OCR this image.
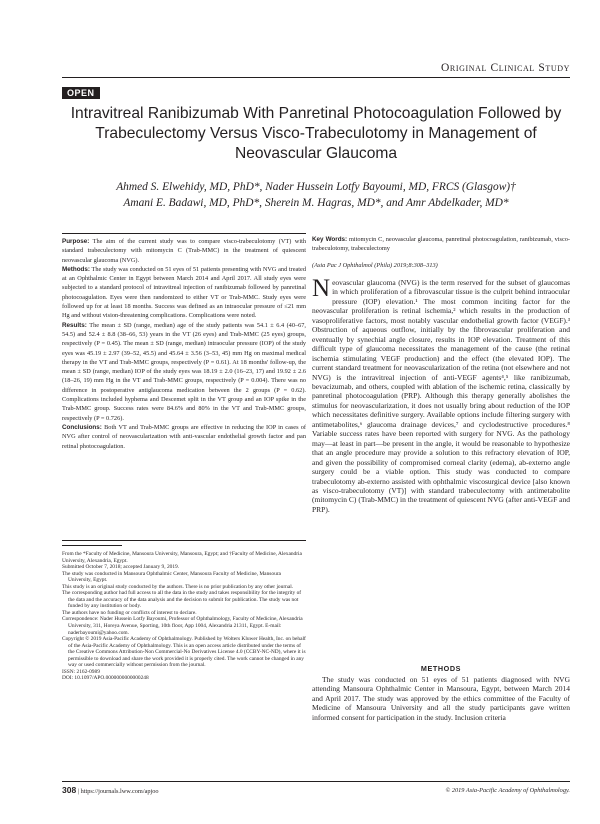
Original Clinical Study
OPEN
Intravitreal Ranibizumab With Panretinal Photocoagulation Followed by Trabeculectomy Versus Visco-Trabeculotomy in Management of Neovascular Glaucoma
Ahmed S. Elwehidy, MD, PhD*, Nader Hussein Lotfy Bayoumi, MD, FRCS (Glasgow)†
Amani E. Badawi, MD, PhD*, Sherein M. Hagras, MD*, and Amr Abdelkader, MD*

Purpose: The aim of the current study was to compare visco-trabeculotomy (VT) with standard trabeculectomy with mitomycin C (Trab-MMC) in the treatment of quiescent neovascular glaucoma (NVG).

Methods: The study was conducted on 51 eyes of 51 patients presenting with NVG and treated at an Ophthalmic Center in Egypt between March 2014 and April 2017. All study eyes were subjected to a standard protocol of intravitreal injection of ranibizumab followed by panretinal photocoagulation. Eyes were then randomized to either VT or Trab-MMC. Study eyes were followed up for at least 18 months. Success was defined as an intraocular pressure of ≤21 mm Hg and without vision-threatening complications. Complications were noted.

Results: The mean ± SD (range, median) age of the study patients was 54.1 ± 6.4 (40–67, 54.5) and 52.4 ± 8.8 (38–66, 53) years in the VT (26 eyes) and Trab-MMC (25 eyes) groups, respectively (P = 0.45). The mean ± SD (range, median) intraocular pressure (IOP) of the study eyes was 45.19 ± 2.97 (39–52, 45.5) and 45.64 ± 3.56 (3–53, 45) mm Hg on maximal medical therapy in the VT and Trab-MMC groups, respectively (P = 0.61). At 18 months' follow-up, the mean ± SD (range, median) IOP of the study eyes was 18.19 ± 2.0 (16–23, 17) and 19.92 ± 2.6 (18–26, 19) mm Hg in the VT and Trab-MMC groups, respectively (P = 0.004). There was no difference in postoperative antiglaucoma medication between the 2 groups (P = 0.62). Complications included hyphema and Descemet split in the VT group and an IOP spike in the Trab-MMC group. Success rates were 84.6% and 80% in the VT and Trab-MMC groups, respectively (P = 0.726).

Conclusions: Both VT and Trab-MMC groups are effective in reducing the IOP in cases of NVG after control of neovascularization with anti-vascular endothelial growth factor and pan retinal photocoagulation.

Key Words: mitomycin C, neovascular glaucoma, panretinal photocoagulation, ranibizumab, visco-trabeculotomy, trabeculectomy

(Asia Pac J Ophthalmol (Phila) 2019;8:308–313)

Neovascular glaucoma (NVG) is the term reserved for the subset of glaucomas in which proliferation of a fibrovascular tissue is the culprit behind intraocular pressure (IOP) elevation.¹ The most common inciting factor for the neovascular proliferation is retinal ischemia,² which results in the production of vasoproliferative factors, most notably vascular endothelial growth factor (VEGF).³ Obstruction of aqueous outflow, initially by the fibrovascular proliferation and eventually by synechial angle closure, results in IOP elevation. Treatment of this difficult type of glaucoma necessitates the management of the cause (the retinal ischemia stimulating VEGF production) and the effect (the elevated IOP). The current standard treatment for neovascularization of the retina (not elsewhere and not NVG) is the intravitreal injection of anti-VEGF agents⁴,⁵ like ranibizumab, bevacizumab, and others, coupled with ablation of the ischemic retina, classically by panretinal photocoagulation (PRP). Although this therapy generally abolishes the stimulus for neovascularization, it does not usually bring about reduction of the IOP which necessitates definitive surgery. Available options include filtering surgery with antimetabolites,⁶ glaucoma drainage devices,⁷ and cyclodestructive procedures.⁸ Variable success rates have been reported with surgery for NVG. As the pathology may—at least in part—be present in the angle, it would be reasonable to hypothesize that an angle procedure may provide a solution to this refractory elevation of IOP, and given the possibility of compromised corneal clarity (edema), ab-externo angle surgery could be a viable option. This study was conducted to compare trabeculotomy ab-externo assisted with ophthalmic viscosurgical device [also known as visco-trabeculotomy (VT)] with standard trabeculectomy with antimetabolite (mitomycin C) (Trab-MMC) in the treatment of quiescent NVG (after anti-VEGF and PRP).

METHODS

The study was conducted on 51 eyes of 51 patients diagnosed with NVG attending Mansoura Ophthalmic Center in Mansoura, Egypt, between March 2014 and April 2017. The study was approved by the ethics committee of the Faculty of Medicine of Mansoura University and all the study participants gave written informed consent for participation in the study. Inclusion criteria

From the *Faculty of Medicine, Mansoura University, Mansoura, Egypt; and †Faculty of Medicine, Alexandria University, Alexandria, Egypt.

Submitted October 7, 2018; accepted January 9, 2019.

The study was conducted in Mansoura Ophthalmic Center, Mansoura Faculty of Medicine, Mansoura University, Egypt.

This study is an original study conducted by the authors. There is no prior publication by any other journal.

The corresponding author had full access to all the data in the study and takes responsibility for the integrity of the data and the accuracy of the data analysis and the decision to submit for publication. The study was not funded by any institution or body.

The authors have no funding or conflicts of interest to declare.

Correspondence: Nader Hussein Lotfy Bayoumi, Professor of Ophthalmology, Faculty of Medicine, Alexandria University, 311, Horeya Avenue, Sporting, 10th floor, App 1004, Alexandria 21311, Egypt. E-mail: naderbayoumi@yahoo.com.

Copyright © 2019 Asia-Pacific Academy of Ophthalmology. Published by Wolters Kluwer Health, Inc. on behalf of the Asia-Pacific Academy of Ophthalmology. This is an open access article distributed under the terms of the Creative Commons Attribution-Non Commercial-No Derivatives License 4.0 (CCBY-NC-ND), where it is permissible to download and share the work provided it is properly cited. The work cannot be changed in any way or used commercially without permission from the journal.

ISSN: 2162-0989

DOI: 10.1097/APO.0000000000000248

308 | https://journals.lww.com/apjoo	© 2019 Asia-Pacific Academy of Ophthalmology.
